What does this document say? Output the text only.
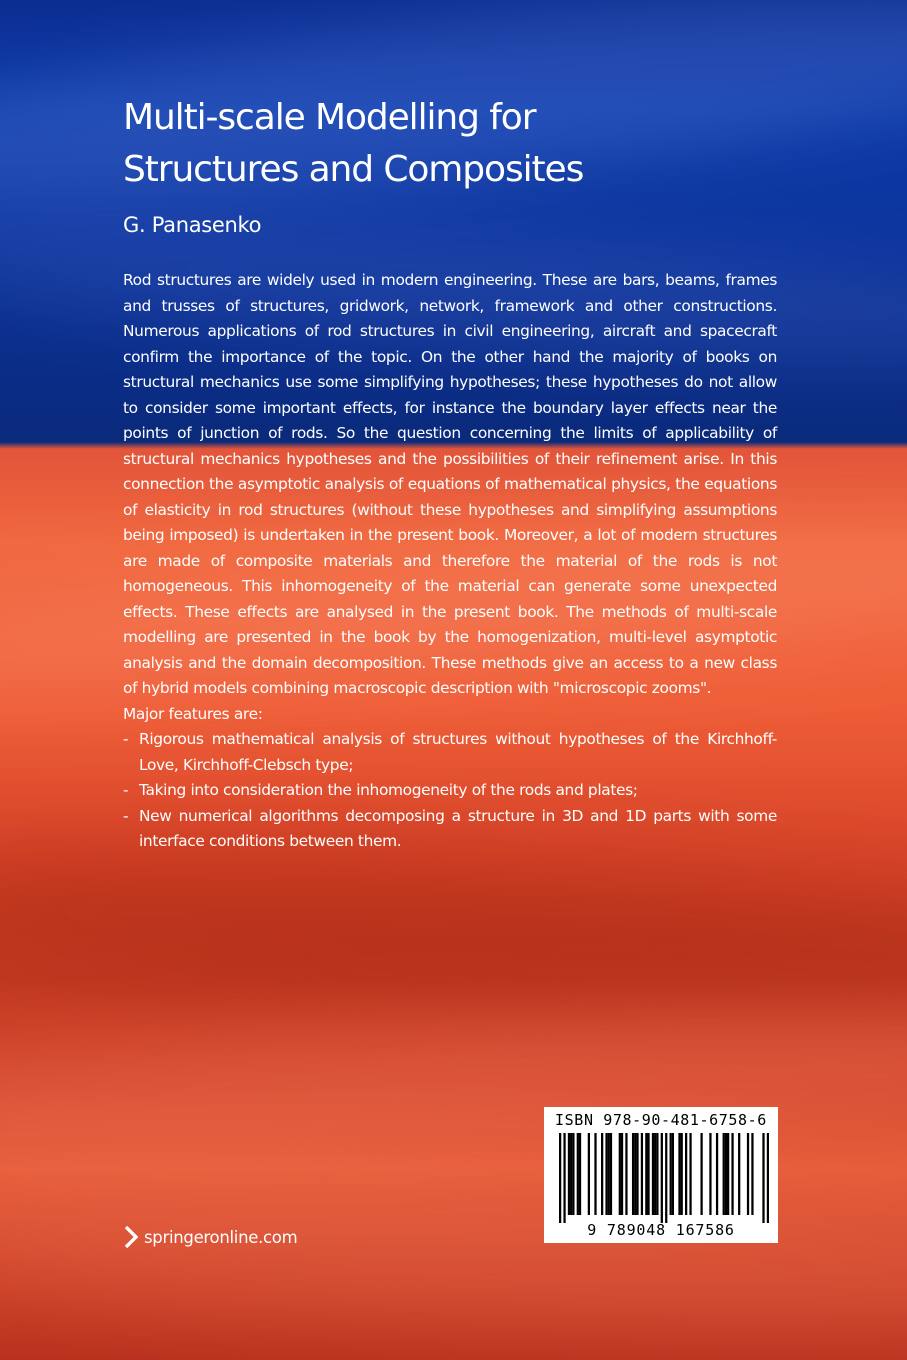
Multi-scale Modelling for
Structures and Composites

G. Panasenko

Rod structures are widely used in modern engineering. These are bars, beams, frames and trusses of structures, gridwork, network, framework and other constructions. Numerous applications of rod structures in civil engineering, aircraft and spacecraft confirm the importance of the topic. On the other hand the majority of books on structural mechanics use some simplifying hypotheses; these hypotheses do not allow to consider some important effects, for instance the boundary layer effects near the points of junction of rods. So the question concerning the limits of applicability of structural mechanics hypotheses and the possibilities of their refinement arise. In this connection the asymptotic analysis of equations of mathematical physics, the equations of elasticity in rod structures (without these hypotheses and simplifying assumptions being imposed) is undertaken in the present book. Moreover, a lot of modern structures are made of composite materials and therefore the material of the rods is not homogeneous. This inhomogeneity of the material can generate some unexpected effects. These effects are analysed in the present book. The methods of multi-scale modelling are presented in the book by the homogenization, multi-level asymptotic analysis and the domain decomposition. These methods give an access to a new class of hybrid models combining macroscopic description with "microscopic zooms".

Major features are:

- Rigorous mathematical analysis of structures without hypotheses of the Kirchhoff-Love, Kirchhoff-Clebsch type;
- Taking into consideration the inhomogeneity of the rods and plates;
- New numerical algorithms decomposing a structure in 3D and 1D parts with some interface conditions between them.
springeronline.com
ISBN 978-90-481-6758-6
9 789048 167586
